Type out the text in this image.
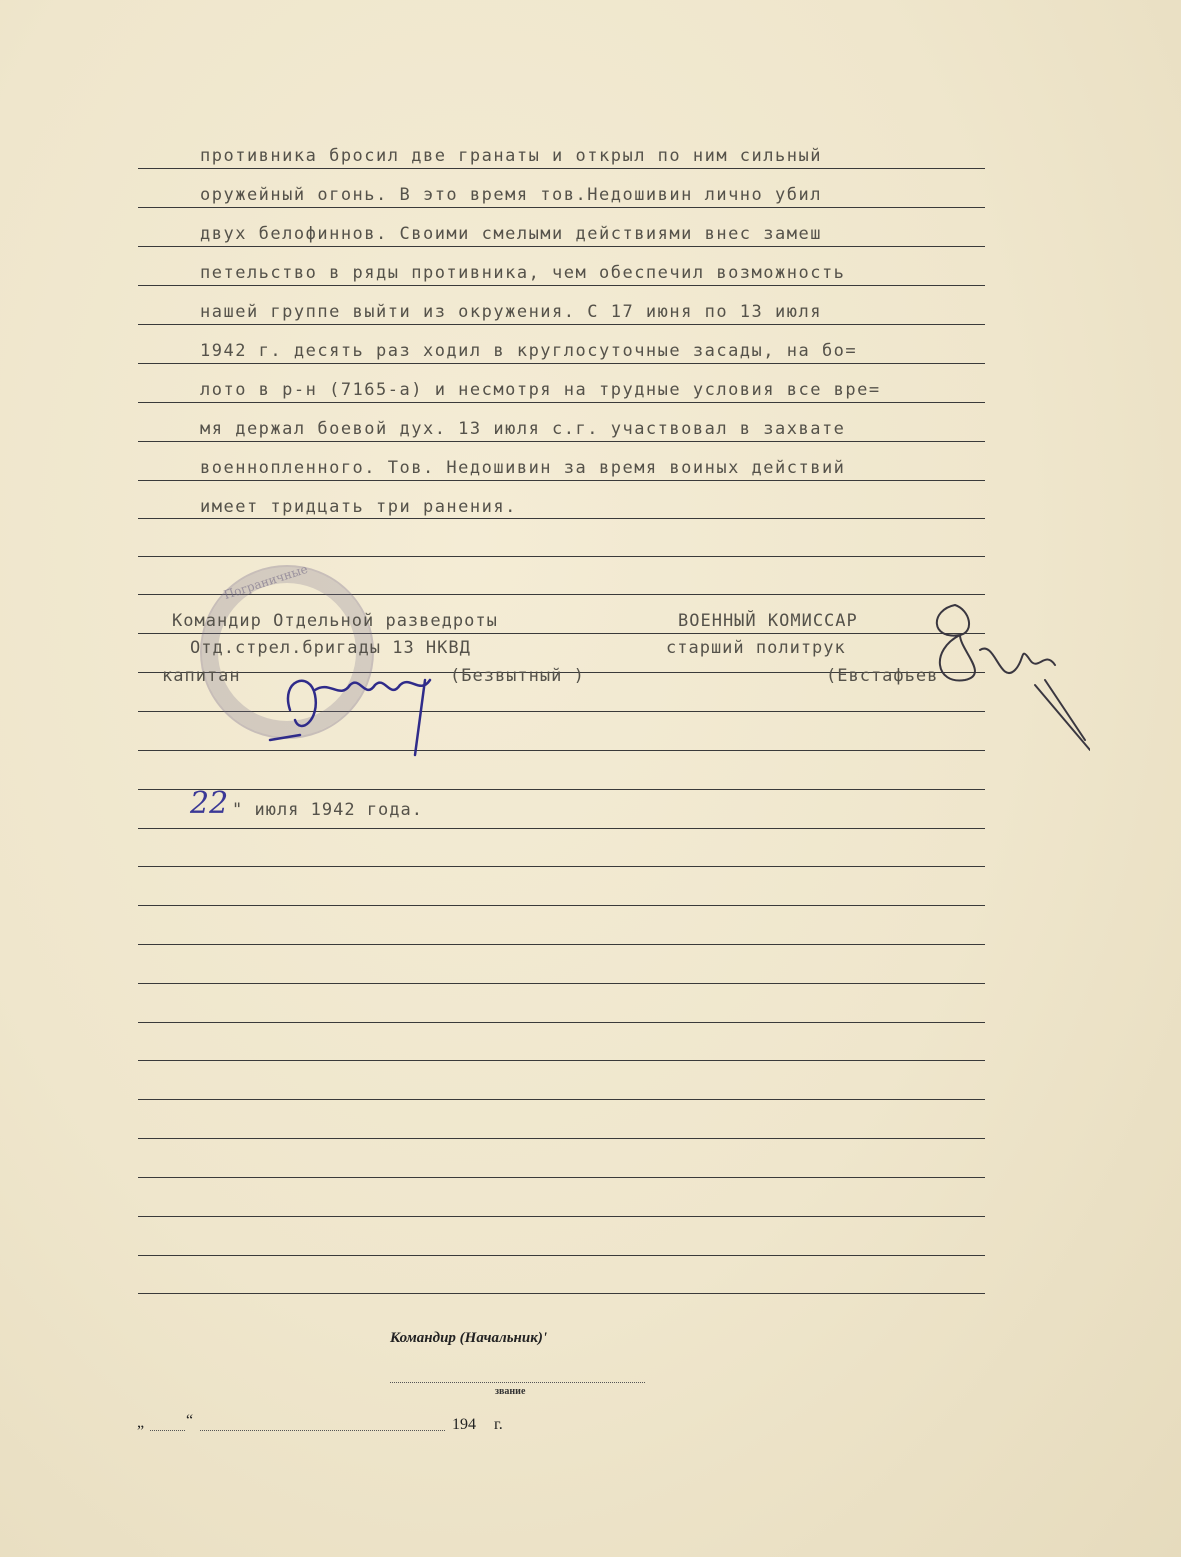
противника бросил две гранаты и открыл по ним сильный
оружейный огонь. В это время тов.Недошивин лично убил
двух белофиннов. Своими смелыми действиями внес замеш
петельство в ряды противника, чем обеспечил возможность
нашей группе выйти из окружения. С 17 июня по 13 июля
1942 г. десять раз ходил в круглосуточные засады, на бо=
лото в р-н (7165-а) и несмотря на трудные условия все вре=
мя держал боевой дух. 13 июля с.г. участвовал в захвате
военнопленного. Тов. Недошивин за время воиных действий
имеет тридцать три ранения.
Пограничные
Командир Отдельной разведроты
Отд.стрел.бригады 13 НКВД
капитан	(Безвытный )
ВОЕННЫЙ КОМИССАР
старший политрук
(Евстафьев
22 " июля 1942 года.
Командир (Начальник)'
звание
„	“	194 г.
